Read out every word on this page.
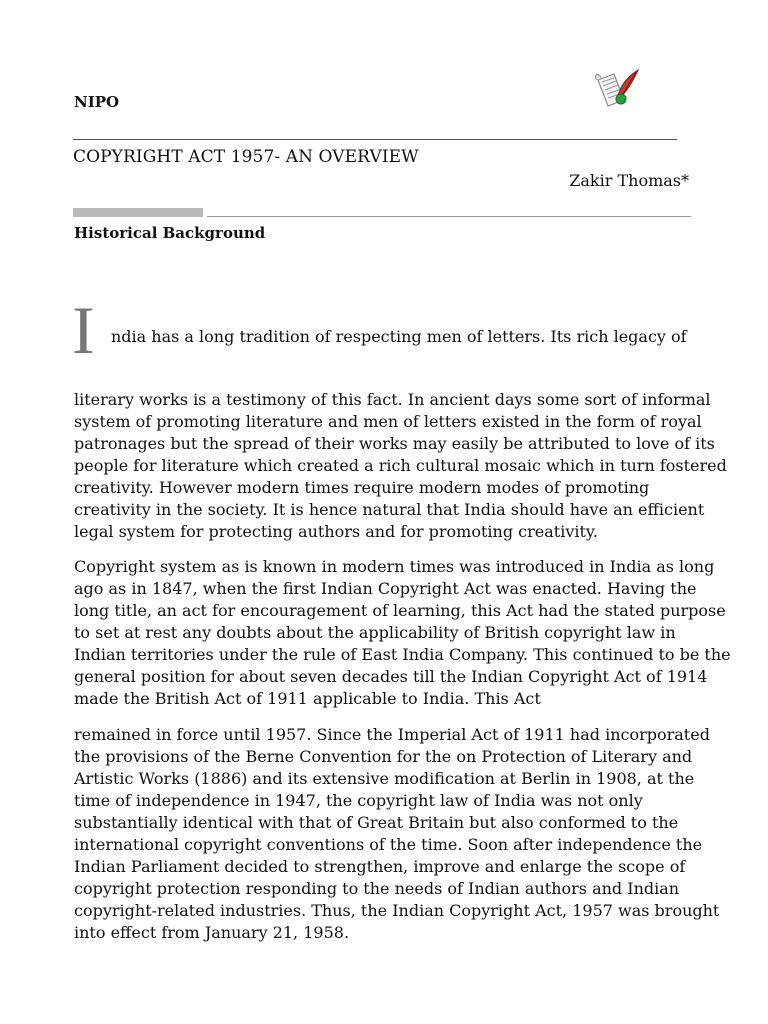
NIPO
COPYRIGHT ACT 1957- AN OVERVIEW

Zakir Thomas*

Historical Background
I ndia has a long tradition of respecting men of letters. Its rich legacy of

literary works is a testimony of this fact. In ancient days some sort of informal
system of promoting literature and men of letters existed in the form of royal
patronages but the spread of their works may easily be attributed to love of its
people for literature which created a rich cultural mosaic which in turn fostered
creativity. However modern times require modern modes of promoting
creativity in the society. It is hence natural that India should have an efficient
legal system for protecting authors and for promoting creativity.

Copyright system as is known in modern times was introduced in India as long
ago as in 1847, when the first Indian Copyright Act was enacted. Having the
long title, an act for encouragement of learning, this Act had the stated purpose
to set at rest any doubts about the applicability of British copyright law in
Indian territories under the rule of East India Company. This continued to be the
general position for about seven decades till the Indian Copyright Act of 1914
made the British Act of 1911 applicable to India. This Act

remained in force until 1957. Since the Imperial Act of 1911 had incorporated
the provisions of the Berne Convention for the on Protection of Literary and
Artistic Works (1886) and its extensive modification at Berlin in 1908, at the
time of independence in 1947, the copyright law of India was not only
substantially identical with that of Great Britain but also conformed to the
international copyright conventions of the time. Soon after independence the
Indian Parliament decided to strengthen, improve and enlarge the scope of
copyright protection responding to the needs of Indian authors and Indian
copyright-related industries. Thus, the Indian Copyright Act, 1957 was brought
into effect from January 21, 1958.
